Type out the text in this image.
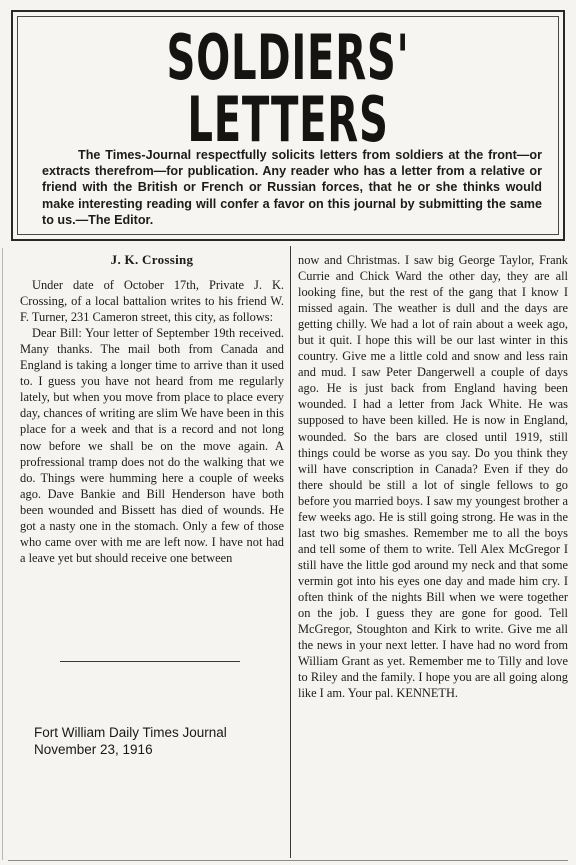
SOLDIERS' LETTERS
The Times-Journal respectfully solicits letters from soldiers at the front—or extracts therefrom—for publication. Any reader who has a letter from a relative or friend with the British or French or Russian forces, that he or she thinks would make interesting reading will confer a favor on this journal by submitting the same to us.—The Editor.
J. K. Crossing

Under date of October 17th, Private J. K. Crossing, of a local battalion writes to his friend W. F. Turner, 231 Cameron street, this city, as follows:

Dear Bill: Your letter of September 19th received. Many thanks. The mail both from Canada and England is taking a longer time to arrive than it used to. I guess you have not heard from me regularly lately, but when you move from place to place every day, chances of writing are slim We have been in this place for a week and that is a record and not long now before we shall be on the move again. A profressional tramp does not do the walking that we do. Things were humming here a couple of weeks ago. Dave Bankie and Bill Henderson have both been wounded and Bissett has died of wounds. He got a nasty one in the stomach. Only a few of those who came over with me are left now. I have not had a leave yet but should receive one between

now and Christmas. I saw big George Taylor, Frank Currie and Chick Ward the other day, they are all looking fine, but the rest of the gang that I know I missed again. The weather is dull and the days are getting chilly. We had a lot of rain about a week ago, but it quit. I hope this will be our last winter in this country. Give me a little cold and snow and less rain and mud. I saw Peter Dangerwell a couple of days ago. He is just back from England having been wounded. I had a letter from Jack White. He was supposed to have been killed. He is now in England, wounded. So the bars are closed until 1919, still things could be worse as you say. Do you think they will have conscription in Canada? Even if they do there should be still a lot of single fellows to go before you married boys. I saw my youngest brother a few weeks ago. He is still going strong. He was in the last two big smashes. Remember me to all the boys and tell some of them to write. Tell Alex McGregor I still have the little god around my neck and that some vermin got into his eyes one day and made him cry. I often think of the nights Bill when we were together on the job. I guess they are gone for good. Tell McGregor, Stoughton and Kirk to write. Give me all the news in your next letter. I have had no word from William Grant as yet. Remember me to Tilly and love to Riley and the family. I hope you are all going along like I am. Your pal. KENNETH.

Fort William Daily Times Journal
November 23, 1916
